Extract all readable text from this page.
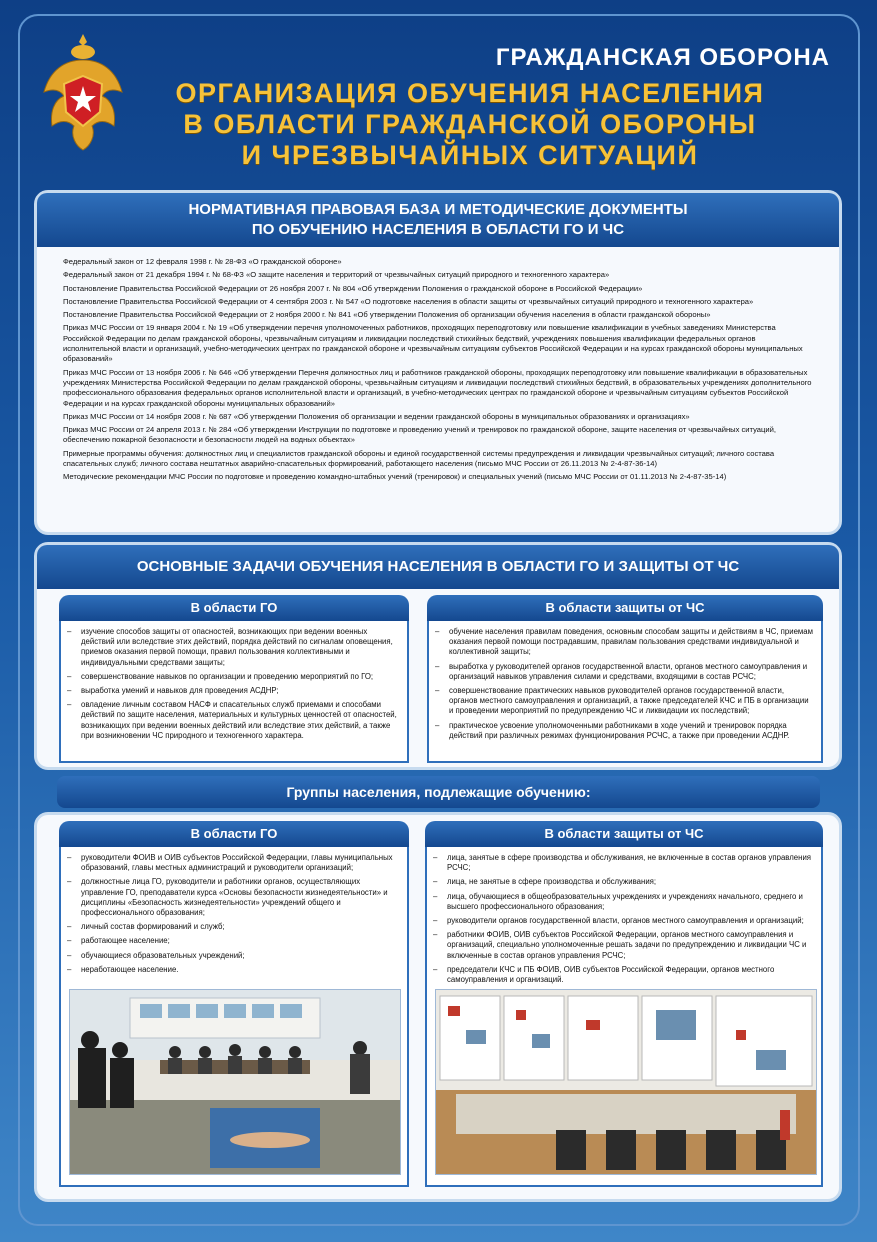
ГРАЖДАНСКАЯ ОБОРОНА
ОРГАНИЗАЦИЯ ОБУЧЕНИЯ НАСЕЛЕНИЯ
В ОБЛАСТИ ГРАЖДАНСКОЙ ОБОРОНЫ
И ЧРЕЗВЫЧАЙНЫХ СИТУАЦИЙ
НОРМАТИВНАЯ ПРАВОВАЯ БАЗА И МЕТОДИЧЕСКИЕ ДОКУМЕНТЫ
ПО ОБУЧЕНИЮ НАСЕЛЕНИЯ В ОБЛАСТИ ГО И ЧС
Федеральный закон от 12 февраля 1998 г. № 28-ФЗ «О гражданской обороне»
Федеральный закон от 21 декабря 1994 г. № 68-ФЗ «О защите населения и территорий от чрезвычайных ситуаций природного и техногенного характера»
Постановление Правительства Российской Федерации от 26 ноября 2007 г. № 804 «Об утверждении Положения о гражданской обороне в Российской Федерации»
Постановление Правительства Российской Федерации от 4 сентября 2003 г. № 547 «О подготовке населения в области защиты от чрезвычайных ситуаций природного и техногенного характера»
Постановление Правительства Российской Федерации от 2 ноября 2000 г. № 841 «Об утверждении Положения об организации обучения населения в области гражданской обороны»
Приказ МЧС России от 19 января 2004 г. № 19 «Об утверждении перечня уполномоченных работников, проходящих переподготовку или повышение квалификации в учебных заведениях Министерства Российской Федерации по делам гражданской обороны, чрезвычайным ситуациям и ликвидации последствий стихийных бедствий, учреждениях повышения квалификации федеральных органов исполнительной власти и организаций, учебно-методических центрах по гражданской обороне и чрезвычайным ситуациям субъектов Российской Федерации и на курсах гражданской обороны муниципальных образований»
Приказ МЧС России от 13 ноября 2006 г. № 646 «Об утверждении Перечня должностных лиц и работников гражданской обороны, проходящих переподготовку или повышение квалификации в образовательных учреждениях Министерства Российской Федерации по делам гражданской обороны, чрезвычайным ситуациям и ликвидации последствий стихийных бедствий, в образовательных учреждениях дополнительного профессионального образования федеральных органов исполнительной власти и организаций, в учебно-методических центрах по гражданской обороне и чрезвычайным ситуациям субъектов Российской Федерации и на курсах гражданской обороны муниципальных образований»
Приказ МЧС России от 14 ноября 2008 г. № 687 «Об утверждении Положения об организации и ведении гражданской обороны в муниципальных образованиях и организациях»
Приказ МЧС России от 24 апреля 2013 г. № 284 «Об утверждении Инструкции по подготовке и проведению учений и тренировок по гражданской обороне, защите населения от чрезвычайных ситуаций, обеспечению пожарной безопасности и безопасности людей на водных объектах»
Примерные программы обучения: должностных лиц и специалистов гражданской обороны и единой государственной системы предупреждения и ликвидации чрезвычайных ситуаций; личного состава спасательных служб; личного состава нештатных аварийно-спасательных формирований, работающего населения (письмо МЧС России от 26.11.2013 № 2-4-87-36-14)
Методические рекомендации МЧС России по подготовке и проведению командно-штабных учений (тренировок) и специальных учений (письмо МЧС России от 01.11.2013 № 2-4-87-35-14)
ОСНОВНЫЕ ЗАДАЧИ ОБУЧЕНИЯ НАСЕЛЕНИЯ В ОБЛАСТИ ГО И ЗАЩИТЫ ОТ ЧС
В области ГО
– изучение способов защиты от опасностей, возникающих при ведении военных действий или вследствие этих действий, порядка действий по сигналам оповещения, приемов оказания первой помощи, правил пользования коллективными и индивидуальными средствами защиты;
– совершенствование навыков по организации и проведению мероприятий по ГО;
– выработка умений и навыков для проведения АСДНР;
– овладение личным составом НАСФ и спасательных служб приемами и способами действий по защите населения, материальных и культурных ценностей от опасностей, возникающих при ведении военных действий или вследствие этих действий, а также при возникновении ЧС природного и техногенного характера.
В области защиты от ЧС
– обучение населения правилам поведения, основным способам защиты и действиям в ЧС, приемам оказания первой помощи пострадавшим, правилам пользования средствами индивидуальной и коллективной защиты;
– выработка у руководителей органов государственной власти, органов местного самоуправления и организаций навыков управления силами и средствами, входящими в состав РСЧС;
– совершенствование практических навыков руководителей органов государственной власти, органов местного самоуправления и организаций, а также председателей КЧС и ПБ в организации и проведении мероприятий по предупреждению ЧС и ликвидации их последствий;
– практическое усвоение уполномоченными работниками в ходе учений и тренировок порядка действий при различных режимах функционирования РСЧС, а также при проведении АСДНР.
Группы населения, подлежащие обучению:
В области ГО
– руководители ФОИВ и ОИВ субъектов Российской Федерации, главы муниципальных образований, главы местных администраций и руководители организаций;
– должностные лица ГО, руководители и работники органов, осуществляющих управление ГО, преподаватели курса «Основы безопасности жизнедеятельности» и дисциплины «Безопасность жизнедеятельности» учреждений общего и профессионального образования;
– личный состав формирований и служб;
– работающее население;
– обучающиеся образовательных учреждений;
– неработающее население.
В области защиты от ЧС
– лица, занятые в сфере производства и обслуживания, не включенные в состав органов управления РСЧС;
– лица, не занятые в сфере производства и обслуживания;
– лица, обучающиеся в общеобразовательных учреждениях и учреждениях начального, среднего и высшего профессионального образования;
– руководители органов государственной власти, органов местного самоуправления и организаций;
– работники ФОИВ, ОИВ субъектов Российской Федерации, органов местного самоуправления и организаций, специально уполномоченные решать задачи по предупреждению и ликвидации ЧС и включенные в состав органов управления РСЧС;
– председатели КЧС и ПБ ФОИВ, ОИВ субъектов Российской Федерации, органов местного самоуправления и организаций.
